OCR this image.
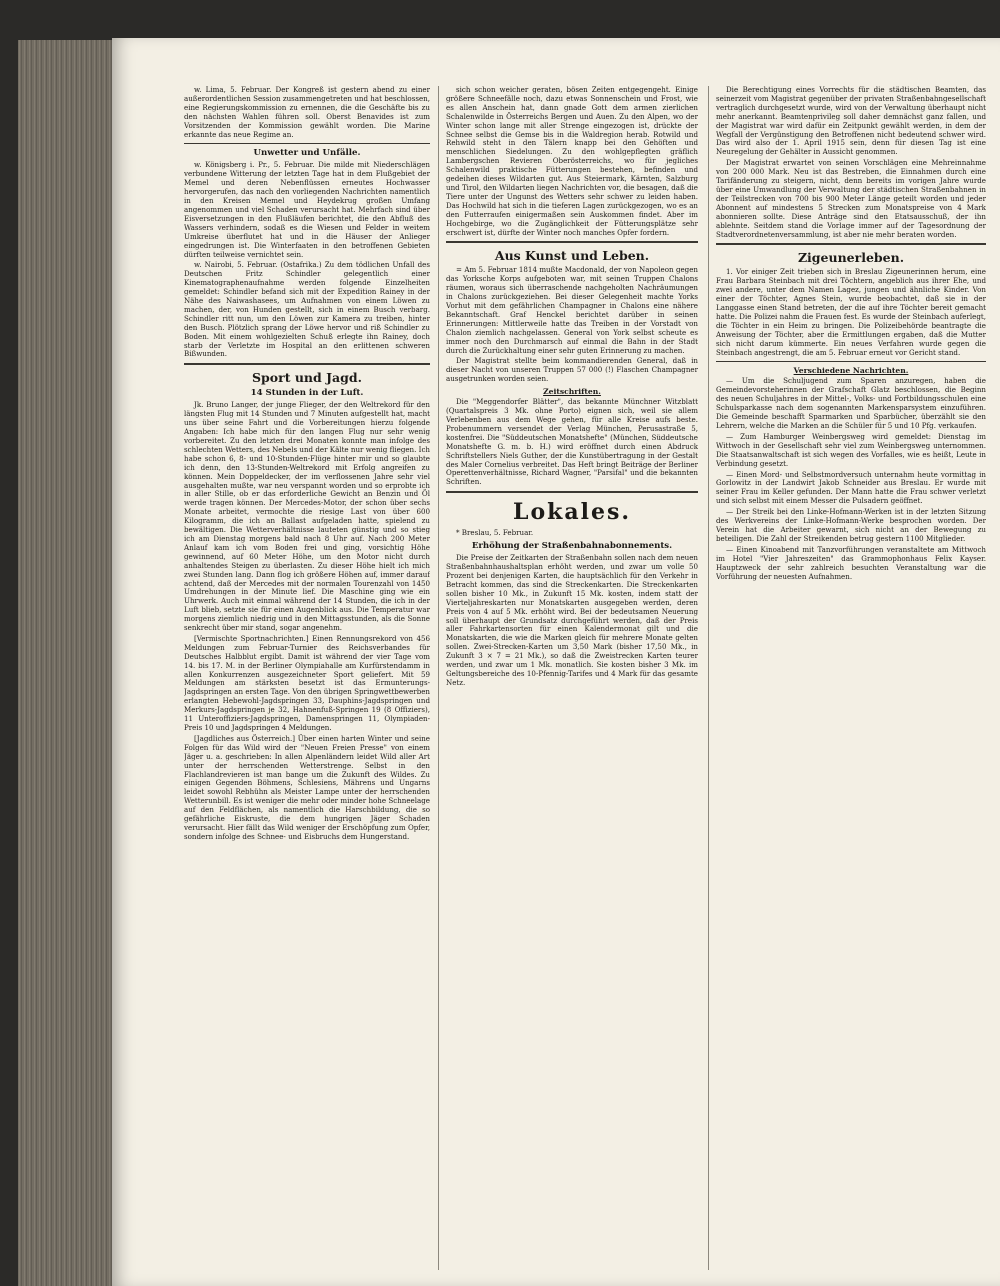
w. Lima, 5. Februar. Der Kongreß ist gestern abend zu einer außerordentlichen Session zusammengetreten und hat beschlossen, eine Regierungskommission zu ernennen, die die Geschäfte bis zu den nächsten Wahlen führen soll. Oberst Benavides ist zum Vorsitzenden der Kommission gewählt worden. Die Marine erkannte das neue Regime an.

Unwetter und Unfälle.

w. Königsberg i. Pr., 5. Februar. Die milde mit Niederschlägen verbundene Witterung der letzten Tage hat in dem Flußgebiet der Memel und deren Nebenflüssen erneutes Hochwasser hervorgerufen, das nach den vorliegenden Nachrichten namentlich in den Kreisen Memel und Heydekrug großen Umfang angenommen und viel Schaden verursacht hat. Mehrfach sind über Eisversetzungen in den Flußläufen berichtet, die den Abfluß des Wassers verhindern, sodaß es die Wiesen und Felder in weitem Umkreise überflutet hat und in die Häuser der Anlieger eingedrungen ist. Die Winterfaaten in den betroffenen Gebieten dürften teilweise vernichtet sein.

w. Nairobi, 5. Februar. (Ostafrika.) Zu dem tödlichen Unfall des Deutschen Fritz Schindler gelegentlich einer Kinematographenaufnahme werden folgende Einzelheiten gemeldet: Schindler befand sich mit der Expedition Rainey in der Nähe des Naiwashasees, um Aufnahmen von einem Löwen zu machen, der, von Hunden gestellt, sich in einem Busch verbarg. Schindler ritt nun, um den Löwen zur Kamera zu treiben, hinter den Busch. Plötzlich sprang der Löwe hervor und riß Schindler zu Boden. Mit einem wohlgezielten Schuß erlegte ihn Rainey, doch starb der Verletzte im Hospital an den erlittenen schweren Bißwunden.

Sport und Jagd.
14 Stunden in der Luft.

Jk. Bruno Langer, der junge Flieger, der den Weltrekord für den längsten Flug mit 14 Stunden und 7 Minuten aufgestellt hat, macht uns über seine Fahrt und die Vorbereitungen hierzu folgende Angaben: Ich habe mich für den langen Flug nur sehr wenig vorbereitet. Zu den letzten drei Monaten konnte man infolge des schlechten Wetters, des Nebels und der Kälte nur wenig fliegen. Ich habe schon 6, 8- und 10-Stunden-Flüge hinter mir und so glaubte ich denn, den 13-Stunden-Weltrekord mit Erfolg angreifen zu können. Mein Doppeldecker, der im verflossenen Jahre sehr viel ausgehalten mußte, war neu verspannt worden und so erprobte ich in aller Stille, ob er das erforderliche Gewicht an Benzin und Öl werde tragen können. Der Mercedes-Motor, der schon über sechs Monate arbeitet, vermochte die riesige Last von über 600 Kilogramm, die ich an Ballast aufgeladen hatte, spielend zu bewältigen. Die Wetterverhältnisse lauteten günstig und so stieg ich am Dienstag morgens bald nach 8 Uhr auf. Nach 200 Meter Anlauf kam ich vom Boden frei und ging, vorsichtig Höhe gewinnend, auf 60 Meter Höhe, um den Motor nicht durch anhaltendes Steigen zu überlasten. Zu dieser Höhe hielt ich mich zwei Stunden lang. Dann flog ich größere Höhen auf, immer darauf achtend, daß der Mercedes mit der normalen Tourenzahl von 1450 Umdrehungen in der Minute lief. Die Maschine ging wie ein Uhrwerk. Auch mit einmal während der 14 Stunden, die ich in der Luft blieb, setzte sie für einen Augenblick aus. Die Temperatur war morgens ziemlich niedrig und in den Mittagsstunden, als die Sonne senkrecht über mir stand, sogar angenehm.

[Vermischte Sportnachrichten.] Einen Rennungsrekord von 456 Meldungen zum Februar-Turnier des Reichsverbandes für Deutsches Halbblut ergibt. Damit ist während der vier Tage vom 14. bis 17. M. in der Berliner Olympiahalle am Kurfürstendamm in allen Konkurrenzen ausgezeichneter Sport geliefert. Mit 59 Meldungen am stärksten besetzt ist das Ermunterungs-Jagdspringen an ersten Tage. Von den übrigen Springwettbewerben erlangten Hebewohl-Jagdspringen 33, Dauphins-Jagdspringen und Merkurs-Jagdspringen je 32, Hahnenfuß-Springen 19 (8 Offiziers), 11 Unteroffiziers-Jagdspringen, Damenspringen 11, Olympiaden-Preis 10 und Jagdspringen 4 Meldungen.

[Jagdliches aus Österreich.] Über einen harten Winter und seine Folgen für das Wild wird der "Neuen Freien Presse" von einem Jäger u. a. geschrieben: In allen Alpenländern leidet Wild aller Art unter der herrschenden Wetterstrenge. Selbst in den Flachlandrevieren ist man bange um die Zukunft des Wildes. Zu einigen Gegenden Böhmens, Schlesiens, Mährens und Ungarns leidet sowohl Rebhühn als Meister Lampe unter der herrschenden Wetterunbill. Es ist weniger die mehr oder minder hohe Schneelage auf den Feldflächen, als namentlich die Harschbildung, die so gefährliche Eiskruste, die dem hungrigen Jäger Schaden verursacht. Hier fällt das Wild weniger der Erschöpfung zum Opfer, sondern infolge des Schnee- und Eisbruchs dem Hungerstand.

sich schon weicher geraten, bösen Zeiten entgegengeht. Einige größere Schneefälle noch, dazu etwas Sonnenschein und Frost, wie es allen Anschein hat, dann gnade Gott dem armen zierlichen Schalenwilde in Österreichs Bergen und Auen. Zu den Alpen, wo der Winter schon lange mit aller Strenge eingezogen ist, drückte der Schnee selbst die Gemse bis in die Waldregion herab. Rotwild und Rehwild steht in den Tälern knapp bei den Gehöften und menschlichen Siedelungen. Zu den wohlgepflegten gräflich Lambergschen Revieren Oberösterreichs, wo für jegliches Schalenwild praktische Fütterungen bestehen, befinden und gedeihen dieses Wildarten gut. Aus Steiermark, Kärnten, Salzburg und Tirol, den Wildarten liegen Nachrichten vor, die besagen, daß die Tiere unter der Ungunst des Wetters sehr schwer zu leiden haben. Das Hochwild hat sich in die tieferen Lagen zurückgezogen, wo es an den Futterraufen einigermaßen sein Auskommen findet. Aber im Hochgebirge, wo die Zugänglichkeit der Fütterungsplätze sehr erschwert ist, dürfte der Winter noch manches Opfer fordern.

Aus Kunst und Leben.

= Am 5. Februar 1814 mußte Macdonald, der von Napoleon gegen das Yorksche Korps aufgeboten war, mit seinen Truppen Chalons räumen, woraus sich überraschende nachgeholten Nachräumungen in Chalons zurückgeziehen. Bei dieser Gelegenheit machte Yorks Vorhut mit dem gefährlichen Champagner in Chalons eine nähere Bekanntschaft. Graf Henckel berichtet darüber in seinen Erinnerungen: Mittlerweile hatte das Treiben in der Vorstadt von Chalon ziemlich nachgelassen. General von York selbst scheute es immer noch den Durchmarsch auf einmal die Bahn in der Stadt durch die Zurückhaltung einer sehr guten Erinnerung zu machen.

Der Magistrat stellte beim kommandierenden General, daß in dieser Nacht von unseren Truppen 57 000 (!) Flaschen Champagner ausgetrunken worden seien.

Zeitschriften.

Die "Meggendorfer Blätter", das bekannte Münchner Witzblatt (Quartalspreis 3 Mk. ohne Porto) eignen sich, weil sie allem Verlebenben aus dem Wege gehen, für alle Kreise aufs beste. Probenummern versendet der Verlag München, Perusastraße 5, kostenfrei. Die "Süddeutschen Monatshefte" (München, Süddeutsche Monatshefte G. m. b. H.) wird eröffnet durch einen Abdruck Schriftstellers Niels Guther, der die Kunstübertragung in der Gestalt des Maler Cornelius verbreitet. Das Heft bringt Beiträge der Berliner Operettenverhältnisse, Richard Wagner, "Parsifal" und die bekannten Schriften.

Lokales.

* Breslau, 5. Februar.

Erhöhung der Straßenbahnabonnements.

Die Preise der Zeitkarten der Straßenbahn sollen nach dem neuen Straßenbahnhaushaltsplan erhöht werden, und zwar um volle 50 Prozent bei denjenigen Karten, die hauptsächlich für den Verkehr in Betracht kommen, das sind die Streckenkarten. Die Streckenkarten sollen bisher 10 Mk., in Zukunft 15 Mk. kosten, indem statt der Vierteljahreskarten nur Monatskarten ausgegeben werden, deren Preis von 4 auf 5 Mk. erhöht wird. Bei der bedeutsamen Neuerung soll überhaupt der Grundsatz durchgeführt werden, daß der Preis aller Fahrkartensorten für einen Kalendermonat gilt und die Monatskarten, die wie die Marken gleich für mehrere Monate gelten sollen. Zwei-Strecken-Karten um 3,50 Mark (bisher 17,50 Mk., in Zukunft 3 × 7 = 21 Mk.), so daß die Zweistrecken Karten teurer werden, und zwar um 1 Mk. monatlich. Sie kosten bisher 3 Mk. im Geltungsbereiche des 10-Pfennig-Tarifes und 4 Mark für das gesamte Netz.

Die Berechtigung eines Vorrechts für die städtischen Beamten, das seinerzeit vom Magistrat gegenüber der privaten Straßenbahngesellschaft vertraglich durchgesetzt wurde, wird von der Verwaltung überhaupt nicht mehr anerkannt. Beamtenprivileg soll daher demnächst ganz fallen, und der Magistrat war wird dafür ein Zeitpunkt gewählt werden, in dem der Wegfall der Vergünstigung den Betroffenen nicht bedeutend schwer wird. Das wird also der 1. April 1915 sein, denn für diesen Tag ist eine Neuregelung der Gehälter in Aussicht genommen.

Der Magistrat erwartet von seinen Vorschlägen eine Mehreinnahme von 200 000 Mark. Neu ist das Bestreben, die Einnahmen durch eine Tarifänderung zu steigern, nicht, denn bereits im vorigen Jahre wurde über eine Umwandlung der Verwaltung der städtischen Straßenbahnen in der Teilstrecken von 700 bis 900 Meter Länge geteilt worden und jeder Abonnent auf mindestens 5 Strecken zum Monatspreise von 4 Mark abonnieren sollte. Diese Anträge sind den Etatsausschuß, der ihn ablehnte. Seitdem stand die Vorlage immer auf der Tagesordnung der Stadtverordnetenversammlung, ist aber nie mehr beraten worden.

Zigeunerleben.

1. Vor einiger Zeit trieben sich in Breslau Zigeunerinnen herum, eine Frau Barbara Steinbach mit drei Töchtern, angeblich aus ihrer Ehe, und zwei andere, unter dem Namen Lagez, jungen und ähnliche Kinder. Von einer der Töchter, Agnes Stein, wurde beobachtet, daß sie in der Langgasse einen Stand betreten, der die auf ihre Töchter bereit gemacht hatte. Die Polizei nahm die Frauen fest. Es wurde der Steinbach auferlegt, die Töchter in ein Heim zu bringen. Die Polizeibehörde beantragte die Anweisung der Töchter, aber die Ermittlungen ergaben, daß die Mutter sich nicht darum kümmerte. Ein neues Verfahren wurde gegen die Steinbach angestrengt, die am 5. Februar erneut vor Gericht stand.

Verschiedene Nachrichten.

— Um die Schuljugend zum Sparen anzuregen, haben die Gemeindevorsteherinnen der Grafschaft Glatz beschlossen, die Beginn des neuen Schuljahres in der Mittel-, Volks- und Fortbildungsschulen eine Schulsparkasse nach dem sogenannten Markensparsystem einzuführen. Die Gemeinde beschafft Sparmarken und Sparbücher, überzählt sie den Lehrern, welche die Marken an die Schüler für 5 und 10 Pfg. verkaufen.

— Zum Hamburger Weinbergsweg wird gemeldet: Dienstag im Wittwoch in der Gesellschaft sehr viel zum Weinbergsweg unternommen. Die Staatsanwaltschaft ist sich wegen des Vorfalles, wie es heißt, Leute in Verbindung gesetzt.

— Einen Mord- und Selbstmordversuch unternahm heute vormittag in Gorlowitz in der Landwirt Jakob Schneider aus Breslau. Er wurde mit seiner Frau im Keller gefunden. Der Mann hatte die Frau schwer verletzt und sich selbst mit einem Messer die Pulsadern geöffnet.

— Der Streik bei den Linke-Hofmann-Werken ist in der letzten Sitzung des Werkvereins der Linke-Hofmann-Werke besprochen worden. Der Verein hat die Arbeiter gewarnt, sich nicht an der Bewegung zu beteiligen. Die Zahl der Streikenden betrug gestern 1100 Mitglieder.

— Einen Kinoabend mit Tanzvorführungen veranstaltete am Mittwoch im Hotel "Vier Jahreszeiten" das Grammophonhaus Felix Kayser. Hauptzweck der sehr zahlreich besuchten Veranstaltung war die Vorführung der neuesten Aufnahmen.
